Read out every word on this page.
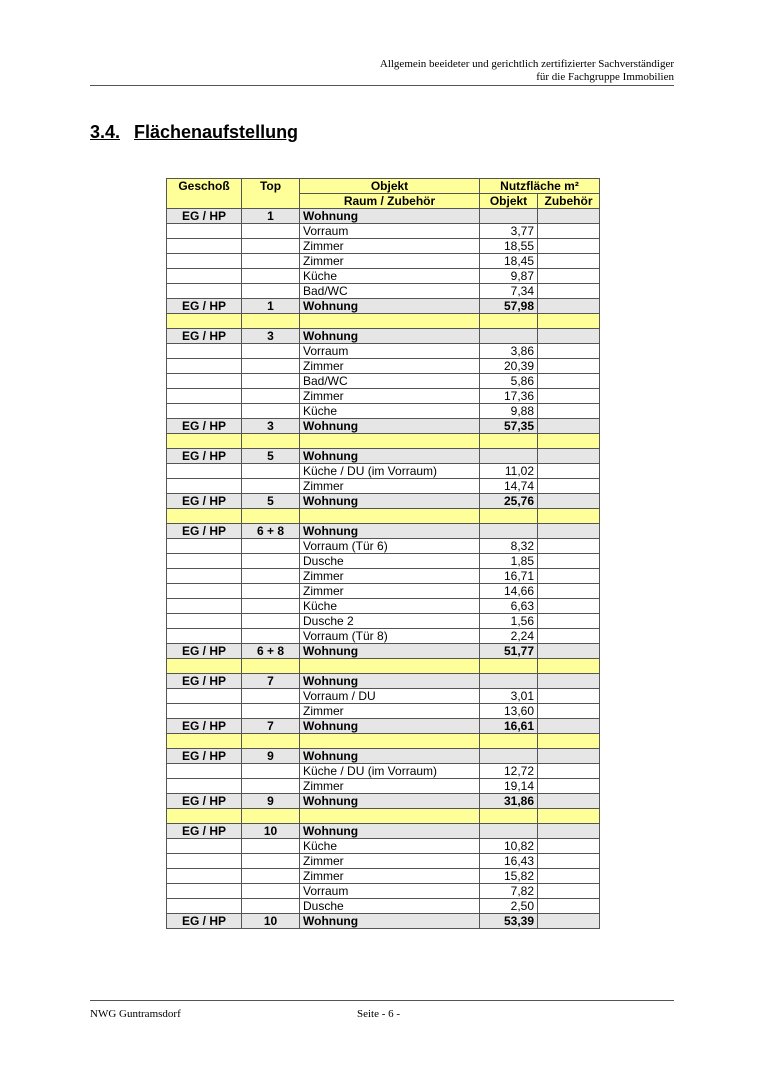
Allgemein beeideter und gerichtlich zertifizierter Sachverständiger
für die Fachgruppe Immobilien
3.4. Flächenaufstellung
Geschoß	Top	Objekt	Nutzfläche m²	
		Raum / Zubehör	Objekt	Zubehör
EG / HP	1	Wohnung		
		Vorraum	3,77	
		Zimmer	18,55	
		Zimmer	18,45	
		Küche	9,87	
		Bad/WC	7,34	
EG / HP	1	Wohnung	57,98	

EG / HP	3	Wohnung		
		Vorraum	3,86	
		Zimmer	20,39	
		Bad/WC	5,86	
		Zimmer	17,36	
		Küche	9,88	
EG / HP	3	Wohnung	57,35	

EG / HP	5	Wohnung		
		Küche / DU (im Vorraum)	11,02	
		Zimmer	14,74	
EG / HP	5	Wohnung	25,76	

EG / HP	6 + 8	Wohnung		
		Vorraum (Tür 6)	8,32	
		Dusche	1,85	
		Zimmer	16,71	
		Zimmer	14,66	
		Küche	6,63	
		Dusche 2	1,56	
		Vorraum (Tür 8)	2,24	
EG / HP	6 + 8	Wohnung	51,77	

EG / HP	7	Wohnung		
		Vorraum / DU	3,01	
		Zimmer	13,60	
EG / HP	7	Wohnung	16,61	

EG / HP	9	Wohnung		
		Küche / DU (im Vorraum)	12,72	
		Zimmer	19,14	
EG / HP	9	Wohnung	31,86	

EG / HP	10	Wohnung		
		Küche	10,82	
		Zimmer	16,43	
		Zimmer	15,82	
		Vorraum	7,82	
		Dusche	2,50	
EG / HP	10	Wohnung	53,39	
NWG Guntramsdorf	Seite - 6 -
